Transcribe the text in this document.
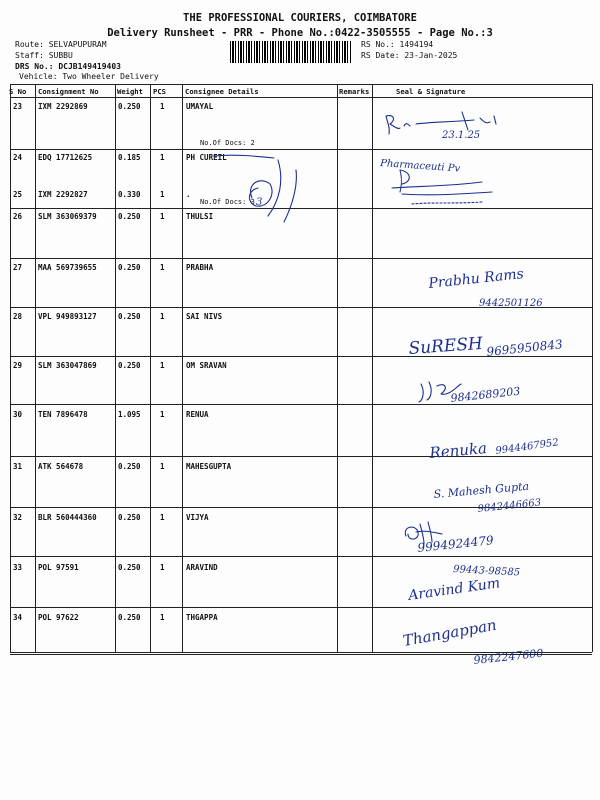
THE PROFESSIONAL COURIERS, COIMBATORE
Delivery Runsheet - PRR - Phone No.:0422-3505555 - Page No.:3
Route: SELVAPUPURAM
Staff: SUBBU
DRS No.: DCJB149419403
Vehicle: Two Wheeler Delivery
RS No.: 1494194
RS Date: 23-Jan-2025
S No Consignment No	Weight PCS	Consignee Details	Remarks	Seal & Signature
23 IXM 2292869	0.250	1	UMAYAL
No.Of Docs: 2
24 EDQ 17712625	0.185	1	PH CUREIL
25 IXM 2292827	0.330	1	.
No.Of Docs: 3
26 SLM 363069379	0.250	1	THULSI
27 MAA 569739655	0.250	1	PRABHA
28 VPL 949893127	0.250	1	SAI NIVS
29 SLM 363047869	0.250	1	OM SRAVAN
30 TEN 7896478	1.095	1	RENUA
31 ATK 564678	0.250	1	MAHESGUPTA
32 BLR 560444360	0.250	1	VIJYA
33 POL 97591	0.250	1	ARAVIND
34 POL 97622	0.250	1	THGAPPA
23.1.25
Pharmaceuti Pv
3
Prabhu Rams
9442501126
SuRESH 9695950843
9842689203
Renuka 9944467952
S. Mahesh Gupta
9842446663
9994924479
99443-98585
Aravind Kum
Thangappan
9842247600
